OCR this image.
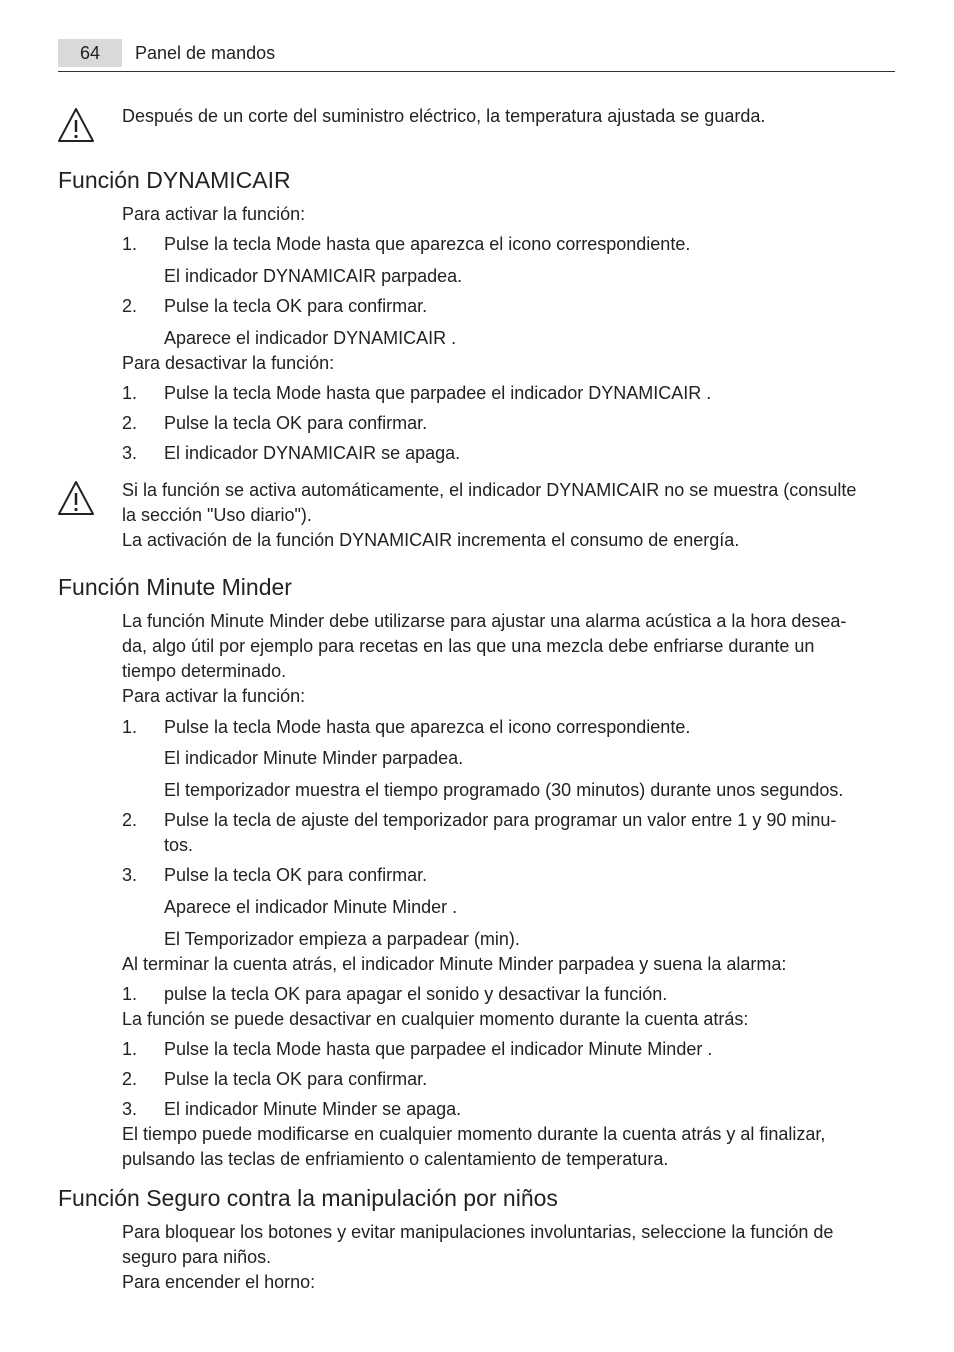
64	Panel de mandos

Después de un corte del suministro eléctrico, la temperatura ajustada se guarda.

Función DYNAMICAIR
Para activar la función:
1. Pulse la tecla Mode hasta que aparezca el icono correspondiente.
El indicador DYNAMICAIR parpadea.
2. Pulse la tecla OK para confirmar.
Aparece el indicador DYNAMICAIR .
Para desactivar la función:
1. Pulse la tecla Mode hasta que parpadee el indicador DYNAMICAIR .
2. Pulse la tecla OK para confirmar.
3. El indicador DYNAMICAIR se apaga.

Si la función se activa automáticamente, el indicador DYNAMICAIR no se muestra (consulte

la sección "Uso diario").

La activación de la función DYNAMICAIR incrementa el consumo de energía.

Función Minute Minder
La función Minute Minder debe utilizarse para ajustar una alarma acústica a la hora desea-
da, algo útil por ejemplo para recetas en las que una mezcla debe enfriarse durante un
tiempo determinado.
Para activar la función:
1. Pulse la tecla Mode hasta que aparezca el icono correspondiente.
El indicador Minute Minder parpadea.
El temporizador muestra el tiempo programado (30 minutos) durante unos segundos.
2. Pulse la tecla de ajuste del temporizador para programar un valor entre 1 y 90 minu-
tos.
3. Pulse la tecla OK para confirmar.
Aparece el indicador Minute Minder .
El Temporizador empieza a parpadear (min).
Al terminar la cuenta atrás, el indicador Minute Minder parpadea y suena la alarma:
1. pulse la tecla OK para apagar el sonido y desactivar la función.
La función se puede desactivar en cualquier momento durante la cuenta atrás:
1. Pulse la tecla Mode hasta que parpadee el indicador Minute Minder .
2. Pulse la tecla OK para confirmar.
3. El indicador Minute Minder se apaga.
El tiempo puede modificarse en cualquier momento durante la cuenta atrás y al finalizar,
pulsando las teclas de enfriamiento o calentamiento de temperatura.
Función Seguro contra la manipulación por niños
Para bloquear los botones y evitar manipulaciones involuntarias, seleccione la función de
seguro para niños.
Para encender el horno:
